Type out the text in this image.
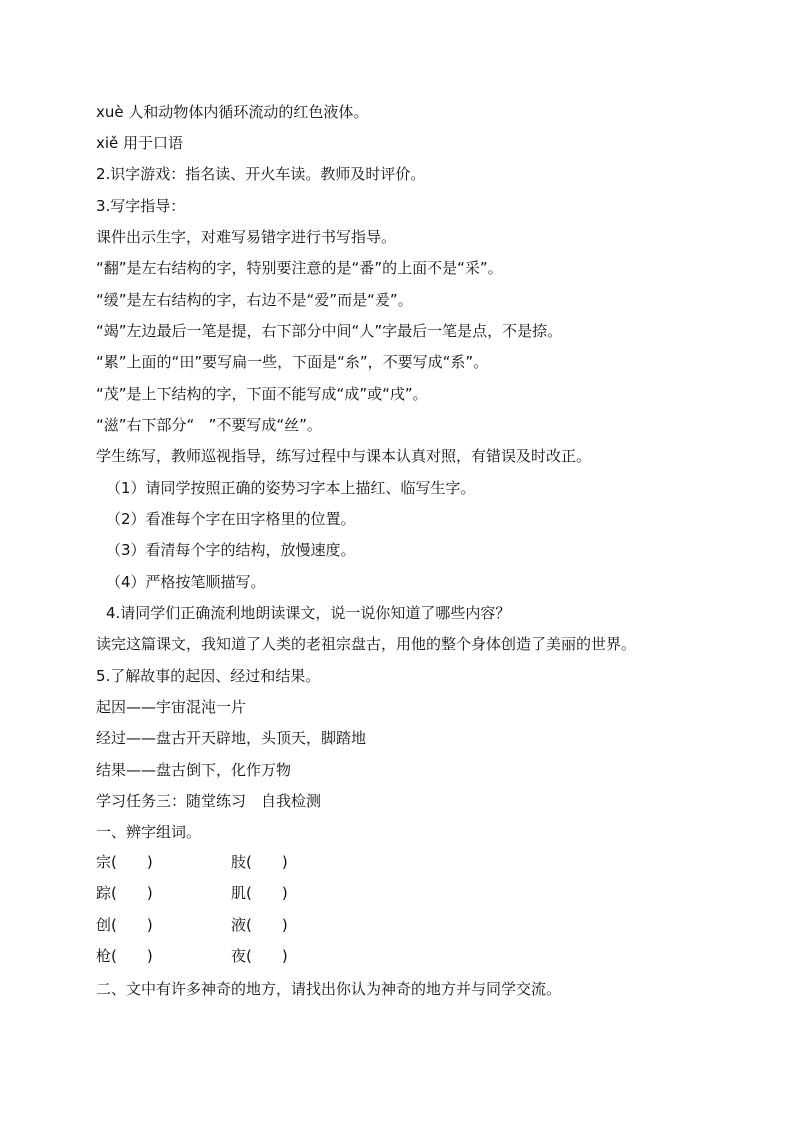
xuè 人和动物体内循环流动的红色液体。
xiě 用于口语
2.识字游戏：指名读、开火车读。教师及时评价。
3.写字指导：
课件出示生字，对难写易错字进行书写指导。
“翻”是左右结构的字，特别要注意的是“番”的上面不是“采”。
“缓”是左右结构的字，右边不是“爱”而是“爰”。
“竭”左边最后一笔是提，右下部分中间“人”字最后一笔是点，不是捺。
“累”上面的“田”要写扁一些，下面是“糸”，不要写成“系”。
“茂”是上下结构的字，下面不能写成“成”或“戌”。
“滋”右下部分“   ”不要写成“丝”。
学生练写，教师巡视指导，练写过程中与课本认真对照，有错误及时改正。
（1）请同学按照正确的姿势习字本上描红、临写生字。
（2）看准每个字在田字格里的位置。
（3）看清每个字的结构，放慢速度。
（4）严格按笔顺描写。
4.请同学们正确流利地朗读课文，说一说你知道了哪些内容？
读完这篇课文，我知道了人类的老祖宗盘古，用他的整个身体创造了美丽的世界。
5.了解故事的起因、经过和结果。
起因——宇宙混沌一片
经过——盘古开天辟地，头顶天，脚踏地
结果——盘古倒下，化作万物
学习任务三：随堂练习　自我检测
一、辨字组词。
宗(　　)	肢(　　)
踪(　　)	肌(　　)
创(　　)	液(　　)
枪(　　)	夜(　　)
二、文中有许多神奇的地方，请找出你认为神奇的地方并与同学交流。
